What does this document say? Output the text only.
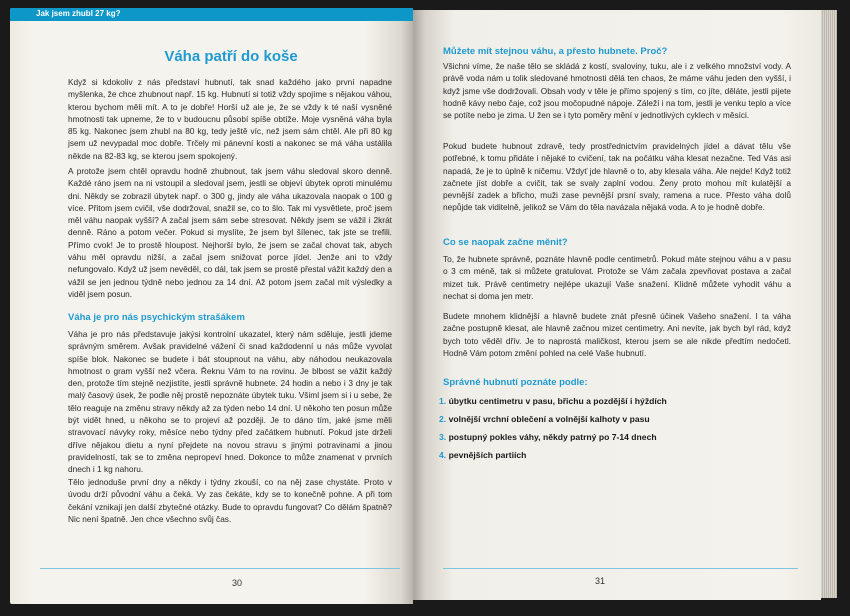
Jak jsem zhubl 27 kg?
Váha patří do koše
Když si kdokoliv z nás představí hubnutí, tak snad každého jako první napadne myšlenka, že chce zhubnout např. 15 kg. Hubnutí si totiž vždy spojíme s nějakou váhou, kterou bychom měli mít. A to je dobře! Horší už ale je, že se vždy k té naší vysněné hmotnosti tak upneme, že to v budoucnu působí spíše obtíže. Moje vysněná váha byla 85 kg. Nakonec jsem zhubl na 80 kg, tedy ještě víc, než jsem sám chtěl. Ale při 80 kg jsem už nevypadal moc dobře. Trčely mi pánevní kosti a nakonec se má váha ustálila někde na 82-83 kg, se kterou jsem spokojený.
A protože jsem chtěl opravdu hodně zhubnout, tak jsem váhu sledoval skoro denně. Každé ráno jsem na ni vstoupil a sledoval jsem, jestli se objeví úbytek oproti minulému dni. Někdy se zobrazil úbytek např. o 300 g, jindy ale váha ukazovala naopak o 100 g více. Přitom jsem cvičil, vše dodržoval, snažil se, co to šlo. Tak mi vysvětlete, proč jsem měl váhu naopak vyšší? A začal jsem sám sebe stresovat. Někdy jsem se vážil i 2krát denně. Ráno a potom večer. Pokud si myslíte, že jsem byl šílenec, tak jste se trefili. Přímo cvok! Je to prostě hloupost. Nejhorší bylo, že jsem se začal chovat tak, abych váhu měl opravdu nižší, a začal jsem snižovat porce jídel. Jenže ani to vždy nefungovalo. Když už jsem nevěděl, co dál, tak jsem se prostě přestal vážit každý den a vážil se jen jednou týdně nebo jednou za 14 dní. Až potom jsem začal mít výsledky a viděl jsem posun.
Váha je pro nás psychickým strašákem
Váha je pro nás představuje jakýsi kontrolní ukazatel, který nám sděluje, jestli jdeme správným směrem. Avšak pravidelné vážení či snad každodenní u nás může vyvolat spíše blok. Nakonec se budete i bát stoupnout na váhu, aby náhodou neukazovala hmotnost o gram vyšší než včera. Řeknu Vám to na rovinu. Je blbost se vážit každý den, protože tím stejně nezjistíte, jestli správně hubnete. 24 hodin a nebo i 3 dny je tak malý časový úsek, že podle něj prostě nepoznáte úbytek tuku. Všiml jsem si i u sebe, že tělo reaguje na změnu stravy někdy až za týden nebo 14 dní. U někoho ten posun může být vidět hned, u někoho se to projeví až později. Je to dáno tím, jaké jsme měli stravovací návyky roky, měsíce nebo týdny před začátkem hubnutí. Pokud jste drželi dříve nějakou dietu a nyní přejdete na novou stravu s jinými potravinami a jinou pravidelností, tak se to změna nepropeví hned. Dokonce to může znamenat v prvních dnech i 1 kg nahoru.
Tělo jednoduše první dny a někdy i týdny zkouší, co na něj zase chystáte. Proto v úvodu drží původní váhu a čeká. Vy zas čekáte, kdy se to konečně pohne. A při tom čekání vznikají jen další zbytečné otázky. Bude to opravdu fungovat? Co dělám špatně? Nic není špatně. Jen chce všechno svůj čas.
30
Můžete mít stejnou váhu, a přesto hubnete. Proč?
Všichni víme, že naše tělo se skládá z kostí, svaloviny, tuku, ale i z velkého množství vody. A právě voda nám u tolik sledované hmotnosti dělá ten chaos, že máme váhu jeden den vyšší, i když jsme vše dodržovali. Obsah vody v těle je přímo spojený s tím, co jíte, děláte, jestli pijete hodně kávy nebo čaje, což jsou močopudné nápoje. Záleží i na tom, jestli je venku teplo a více se potíte nebo je zima. U žen se i tyto poměry mění v jednotlivých cyklech v měsíci.
Pokud budete hubnout zdravě, tedy prostřednictvím pravidelných jídel a dávat tělu vše potřebné, k tomu přidáte i nějaké to cvičení, tak na počátku váha klesat nezačne. Ted Vás asi napadá, že je to úplně k ničemu. Vždyť jde hlavně o to, aby klesala váha. Ale nejde! Když totiž začnete jíst dobře a cvičit, tak se svaly zaplní vodou. Ženy proto mohou mít kulatější a pevnější zadek a břicho, muži zase pevnější prsní svaly, ramena a ruce. Přesto váha dolů nepůjde tak viditelně, jelikož se Vám do těla navázala nějaká voda. A to je hodně dobře.
Co se naopak začne měnit?
To, že hubnete správně, poznáte hlavně podle centimetrů. Pokud máte stejnou váhu a v pasu o 3 cm méně, tak si můžete gratulovat. Protože se Vám začala zpevňovat postava a začal mizet tuk. Právě centimetry nejlépe ukazují Vaše snažení. Klidně můžete vyhodit váhu a nechat si doma jen metr.
Budete mnohem klidnější a hlavně budete znát přesně účinek Vašeho snažení. I ta váha začne postupně klesat, ale hlavně začnou mizet centimetry. Ani nevíte, jak bych byl rád, když bych toto věděl dřív. Je to naprostá maličkost, kterou jsem se ale nikde předtím nedočetl. Hodně Vám potom změní pohled na celé Vaše hubnutí.
Správné hubnutí poznáte podle:
1. úbytku centimetru v pasu, břichu a pozdější i hýždích
2. volnější vrchní oblečení a volnější kalhoty v pasu
3. postupný pokles váhy, někdy patrný po 7-14 dnech
4. pevnějších partiích
31
